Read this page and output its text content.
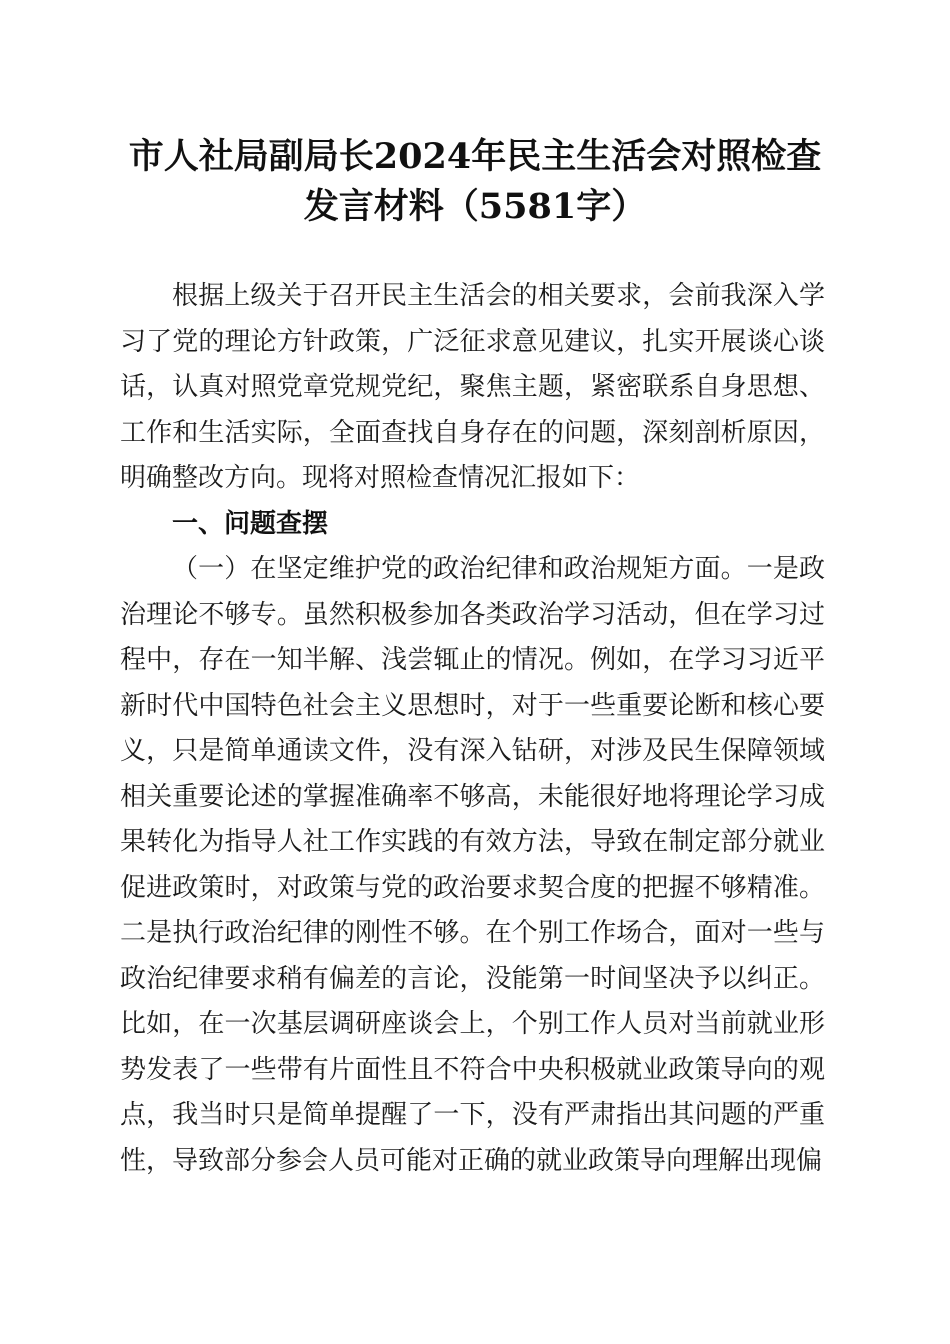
市人社局副局长2024年民主生活会对照检查
发言材料（5581字）

根据上级关于召开民主生活会的相关要求，会前我深入学习了党的理论方针政策，广泛征求意见建议，扎实开展谈心谈话，认真对照党章党规党纪，聚焦主题，紧密联系自身思想、工作和生活实际，全面查找自身存在的问题，深刻剖析原因，明确整改方向。现将对照检查情况汇报如下：

一、问题查摆

（一）在坚定维护党的政治纪律和政治规矩方面。一是政治理论不够专。虽然积极参加各类政治学习活动，但在学习过程中，存在一知半解、浅尝辄止的情况。例如，在学习习近平新时代中国特色社会主义思想时，对于一些重要论断和核心要义，只是简单通读文件，没有深入钻研，对涉及民生保障领域相关重要论述的掌握准确率不够高，未能很好地将理论学习成果转化为指导人社工作实践的有效方法，导致在制定部分就业促进政策时，对政策与党的政治要求契合度的把握不够精准。二是执行政治纪律的刚性不够。在个别工作场合，面对一些与政治纪律要求稍有偏差的言论，没能第一时间坚决予以纠正。比如，在一次基层调研座谈会上，个别工作人员对当前就业形势发表了一些带有片面性且不符合中央积极就业政策导向的观点，我当时只是简单提醒了一下，没有严肃指出其问题的严重性，导致部分参会人员可能对正确的就业政策导向理解出现偏
